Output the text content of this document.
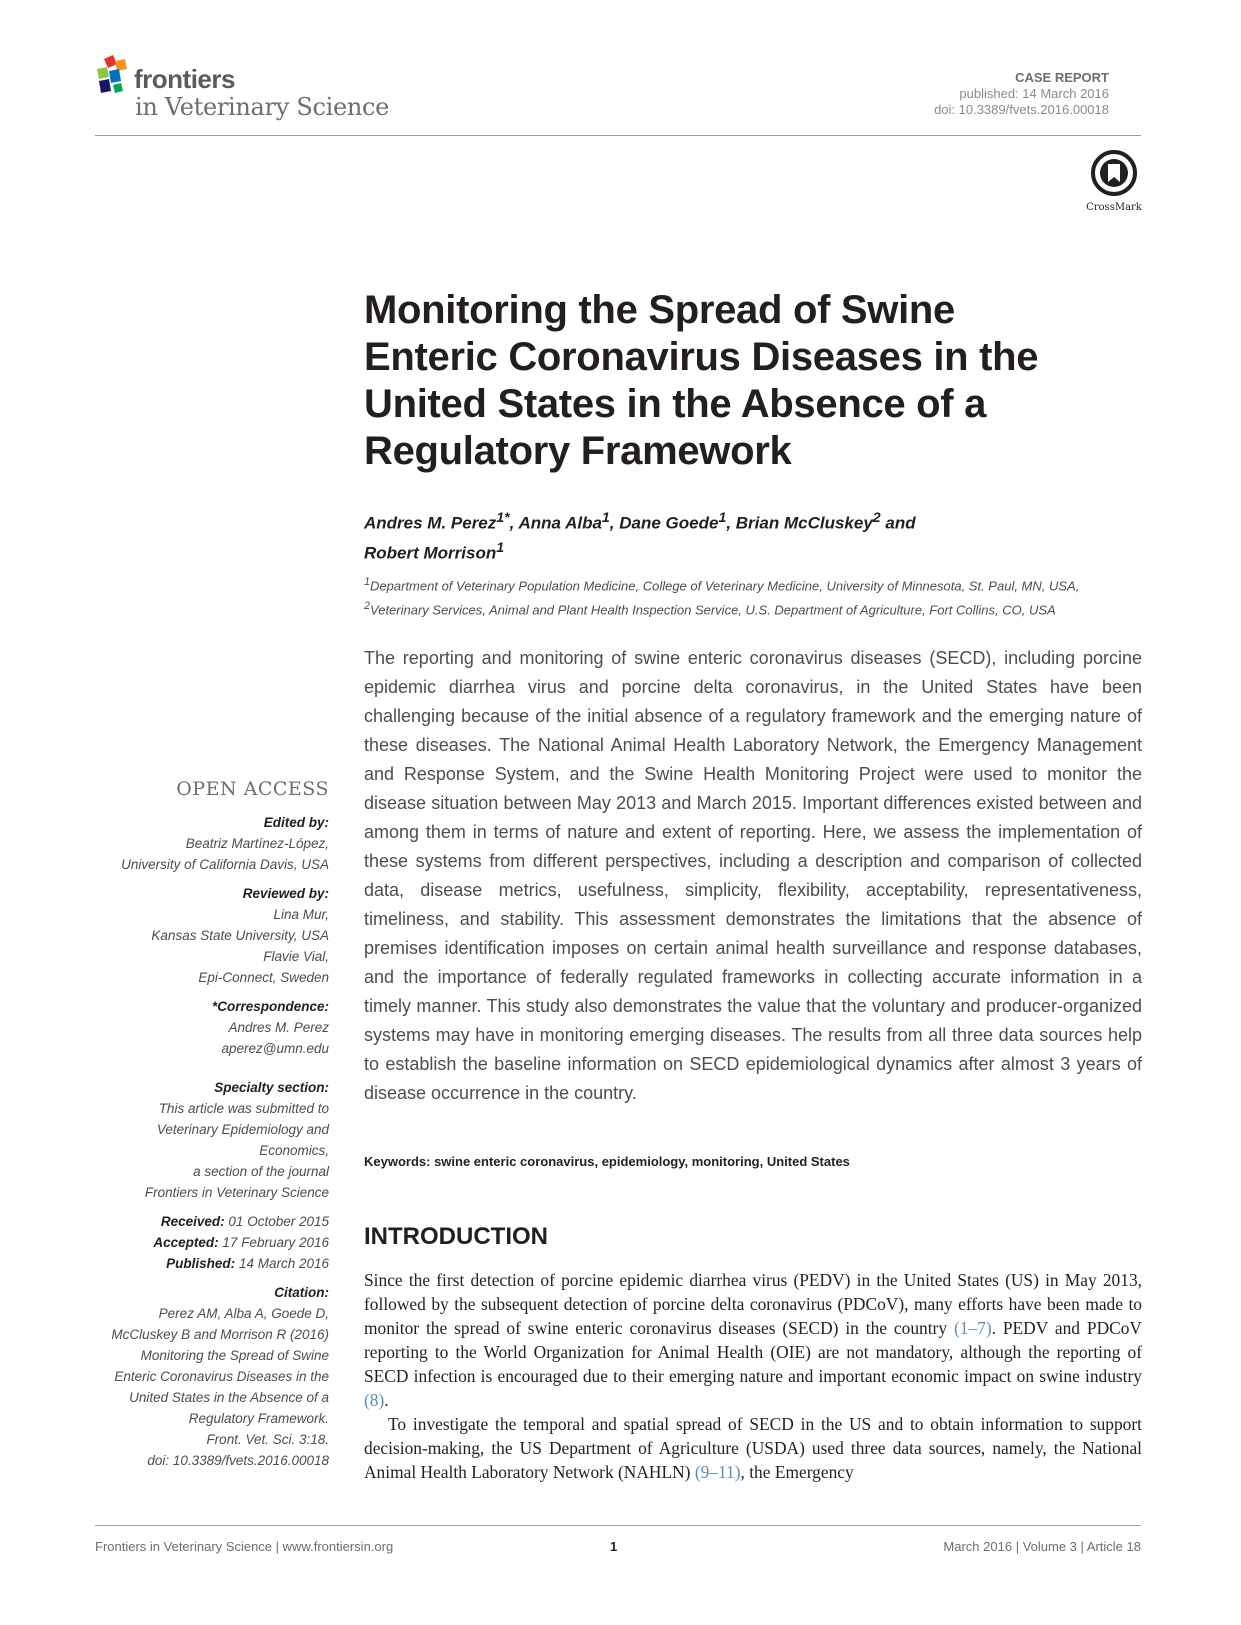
frontiers
in Veterinary Science
CASE REPORT
published: 14 March 2016
doi: 10.3389/fvets.2016.00018
CrossMark
Monitoring the Spread of Swine
Enteric Coronavirus Diseases in the
United States in the Absence of a
Regulatory Framework
Andres M. Perez$^{1*}$, Anna Alba$^1$, Dane Goede$^1$, Brian McCluskey$^2$ and
Robert Morrison$^1$
$^1$Department of Veterinary Population Medicine, College of Veterinary Medicine, University of Minnesota, St. Paul, MN, USA,
$^2$Veterinary Services, Animal and Plant Health Inspection Service, U.S. Department of Agriculture, Fort Collins, CO, USA
The reporting and monitoring of swine enteric coronavirus diseases (SECD), including porcine epidemic diarrhea virus and porcine delta coronavirus, in the United States have been challenging because of the initial absence of a regulatory framework and the emerging nature of these diseases. The National Animal Health Laboratory Network, the Emergency Management and Response System, and the Swine Health Monitoring Project were used to monitor the disease situation between May 2013 and March 2015. Important differences existed between and among them in terms of nature and extent of reporting. Here, we assess the implementation of these systems from different perspectives, including a description and comparison of collected data, disease metrics, usefulness, simplicity, flexibility, acceptability, representativeness, timeliness, and stability. This assessment demonstrates the limitations that the absence of premises identification imposes on certain animal health surveillance and response databases, and the importance of federally regulated frameworks in collecting accurate information in a timely manner. This study also demonstrates the value that the voluntary and producer-organized systems may have in monitoring emerging diseases. The results from all three data sources help to establish the baseline information on SECD epidemiological dynamics after almost 3 years of disease occurrence in the country.
Keywords: swine enteric coronavirus, epidemiology, monitoring, United States
INTRODUCTION

Since the first detection of porcine epidemic diarrhea virus (PEDV) in the United States (US) in May 2013, followed by the subsequent detection of porcine delta coronavirus (PDCoV), many efforts have been made to monitor the spread of swine enteric coronavirus diseases (SECD) in the country (1–7). PEDV and PDCoV reporting to the World Organization for Animal Health (OIE) are not mandatory, although the reporting of SECD infection is encouraged due to their emerging nature and important economic impact on swine industry (8).

To investigate the temporal and spatial spread of SECD in the US and to obtain information to support decision-making, the US Department of Agriculture (USDA) used three data sources, namely, the National Animal Health Laboratory Network (NAHLN) (9–11), the Emergency

OPEN ACCESS
Edited by:
Beatriz Martínez-López,
University of California Davis, USA
Reviewed by:
Lina Mur,
Kansas State University, USA
Flavie Vial,
Epi-Connect, Sweden
*Correspondence:
Andres M. Perez
aperez@umn.edu
Specialty section:
This article was submitted to
Veterinary Epidemiology and
Economics,
a section of the journal
Frontiers in Veterinary Science
Received: 01 October 2015
Accepted: 17 February 2016
Published: 14 March 2016
Citation:
Perez AM, Alba A, Goede D,
McCluskey B and Morrison R (2016)
Monitoring the Spread of Swine
Enteric Coronavirus Diseases in the
United States in the Absence of a
Regulatory Framework.
Front. Vet. Sci. 3:18.
doi: 10.3389/fvets.2016.00018
Frontiers in Veterinary Science | www.frontiersin.org	1	March 2016 | Volume 3 | Article 18
